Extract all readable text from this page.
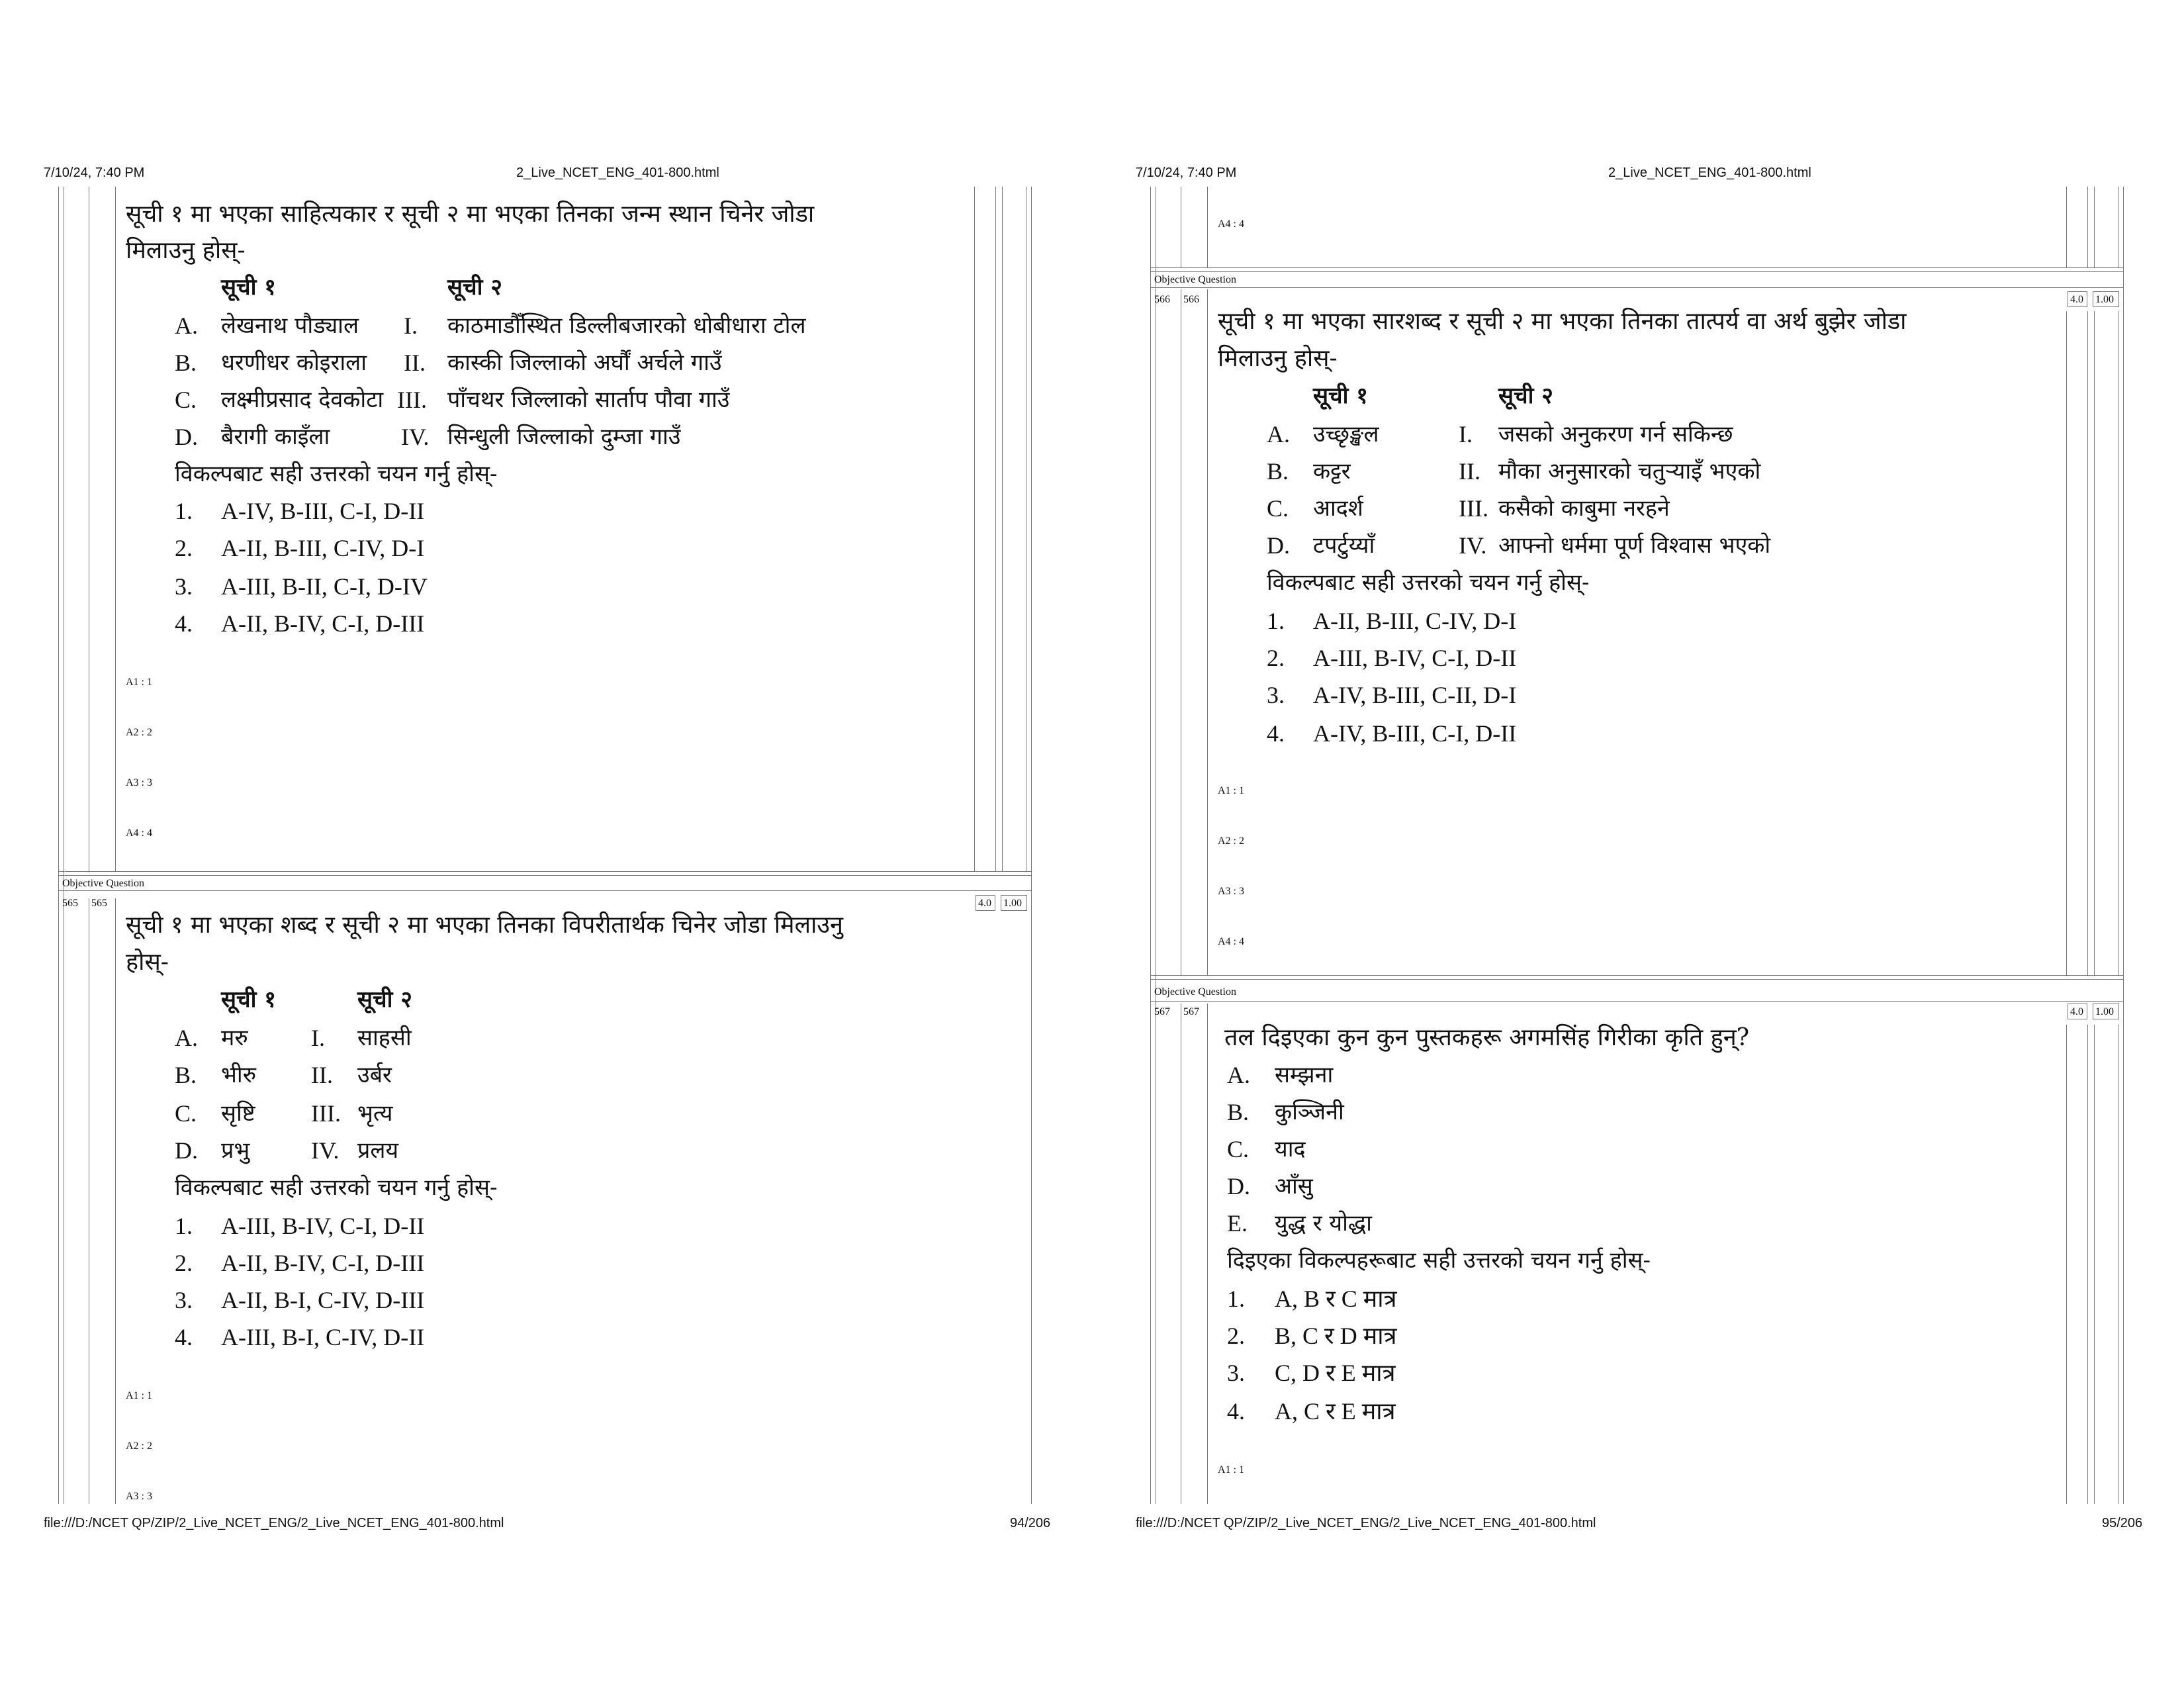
7/10/24, 7:40 PM	2_Live_NCET_ENG_401-800.html
सूची १ मा भएका साहित्यकार र सूची २ मा भएका तिनका जन्म स्थान चिनेर जोडा
मिलाउनु होस्-
सूची १	सूची २
A. लेखनाथ पौड्याल I. काठमाडौँस्थित डिल्लीबजारको धोबीधारा टोल
B. धरणीधर कोइराला II. कास्की जिल्लाको अर्घौं अर्चले गाउँ
C. लक्ष्मीप्रसाद देवकोटा III. पाँचथर जिल्लाको सार्ताप पौवा गाउँ
D. बैरागी काइँला	IV. सिन्धुली जिल्लाको दुम्जा गाउँ
विकल्पबाट सही उत्तरको चयन गर्नु होस्-
1. A-IV, B-III, C-I, D-II
2. A-II, B-III, C-IV, D-I
3. A-III, B-II, C-I, D-IV
4. A-II, B-IV, C-I, D-III
A1 : 1
A2 : 2
A3 : 3
A4 : 4
Objective Question
565 565	4.0 1.00
सूची १ मा भएका शब्द र सूची २ मा भएका तिनका विपरीतार्थक चिनेर जोडा मिलाउनु
होस्-
सूची १	सूची २
A. मरु	I. साहसी
B. भीरु II. उर्बर
C. सृष्टि III. भृत्य
D. प्रभु	IV. प्रलय
विकल्पबाट सही उत्तरको चयन गर्नु होस्-
1. A-III, B-IV, C-I, D-II
2. A-II, B-IV, C-I, D-III
3. A-II, B-I, C-IV, D-III
4. A-III, B-I, C-IV, D-II
A1 : 1
A2 : 2
A3 : 3
file:///D:/NCET QP/ZIP/2_Live_NCET_ENG/2_Live_NCET_ENG_401-800.html	94/206
7/10/24, 7:40 PM	2_Live_NCET_ENG_401-800.html
A4 : 4
Objective Question
566 566	4.0 1.00
सूची १ मा भएका सारशब्द र सूची २ मा भएका तिनका तात्पर्य वा अर्थ बुझेर जोडा
मिलाउनु होस्-
सूची १	सूची २
A. उच्छृङ्खल	I. जसको अनुकरण गर्न सकिन्छ
B. कट्टर	II. मौका अनुसारको चतुऱ्याइँ भएको
C. आदर्श	III. कसैको काबुमा नरहने
D. टपर्टुय्याँ	IV. आफ्नो धर्ममा पूर्ण विश्वास भएको
विकल्पबाट सही उत्तरको चयन गर्नु होस्-
1. A-II, B-III, C-IV, D-I
2. A-III, B-IV, C-I, D-II
3. A-IV, B-III, C-II, D-I
4. A-IV, B-III, C-I, D-II
A1 : 1
A2 : 2
A3 : 3
A4 : 4
Objective Question
567 567	4.0 1.00
तल दिइएका कुन कुन पुस्तकहरू अगमसिंह गिरीका कृति हुन्?
A. सम्झना
B. कुञ्जिनी
C. याद
D. आँसु
E. युद्ध र योद्धा
दिइएका विकल्पहरूबाट सही उत्तरको चयन गर्नु होस्-
1. A, B र C मात्र
2. B, C र D मात्र
3. C, D र E मात्र
4. A, C र E मात्र
A1 : 1
file:///D:/NCET QP/ZIP/2_Live_NCET_ENG/2_Live_NCET_ENG_401-800.html	95/206
